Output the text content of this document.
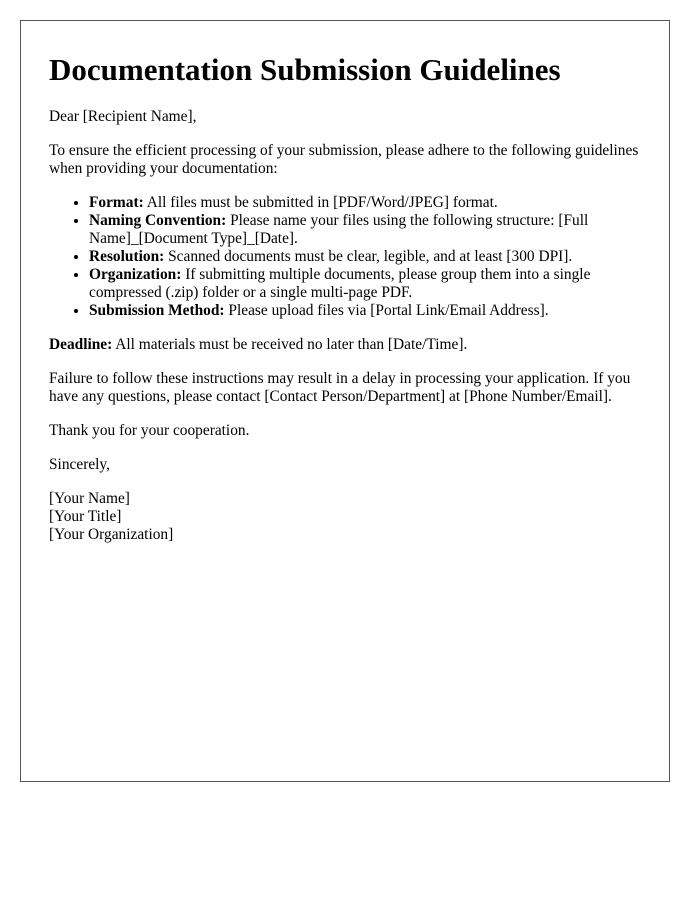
Documentation Submission Guidelines

Dear [Recipient Name],

To ensure the efficient processing of your submission, please adhere to the following guidelines when providing your documentation:

• Format: All files must be submitted in [PDF/Word/JPEG] format.
• Naming Convention: Please name your files using the following structure: [Full Name]_[Document Type]_[Date].
• Resolution: Scanned documents must be clear, legible, and at least [300 DPI].
• Organization: If submitting multiple documents, please group them into a single compressed (.zip) folder or a single multi-page PDF.
• Submission Method: Please upload files via [Portal Link/Email Address].

Deadline: All materials must be received no later than [Date/Time].

Failure to follow these instructions may result in a delay in processing your application. If you have any questions, please contact [Contact Person/Department] at [Phone Number/Email].

Thank you for your cooperation.

Sincerely,

[Your Name]
[Your Title]
[Your Organization]
